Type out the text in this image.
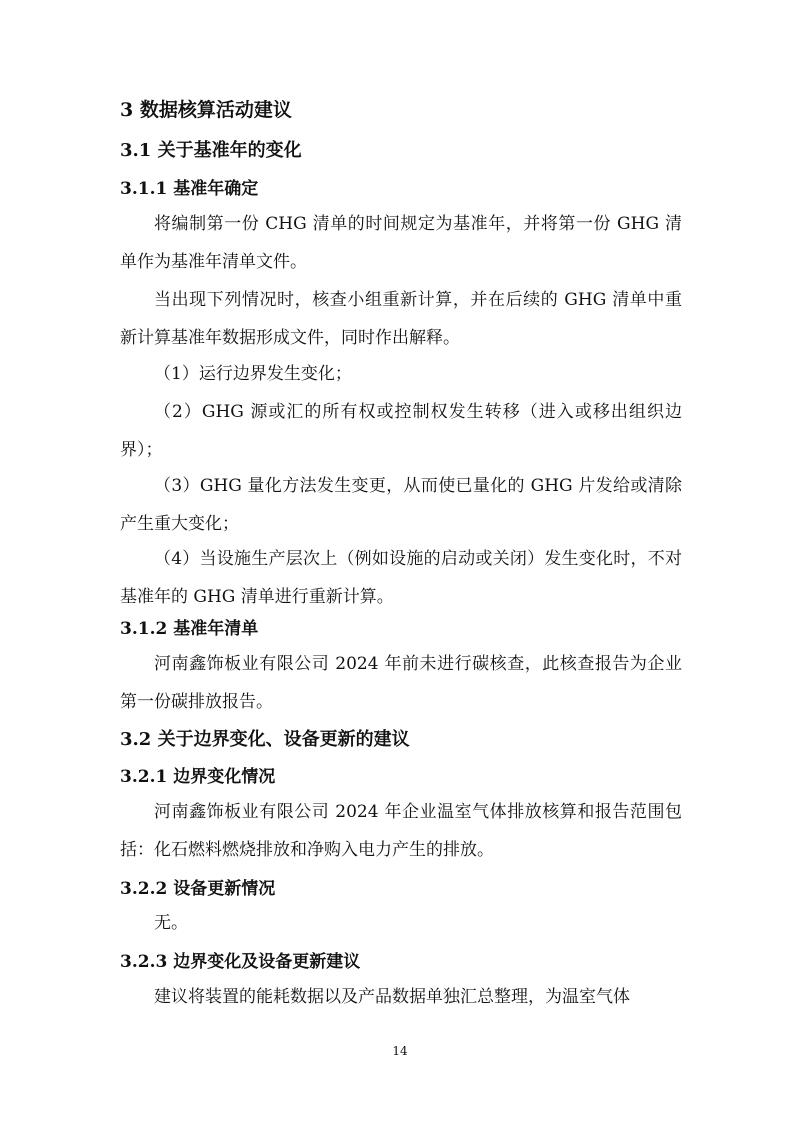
3 数据核算活动建议
3.1 关于基准年的变化
3.1.1 基准年确定

将编制第一份 CHG 清单的时间规定为基准年，并将第一份 GHG 清单作为基准年清单文件。

当出现下列情况时，核查小组重新计算，并在后续的 GHG 清单中重新计算基准年数据形成文件，同时作出解释。

（1）运行边界发生变化；

（2）GHG 源或汇的所有权或控制权发生转移（进入或移出组织边界）；

（3）GHG 量化方法发生变更，从而使已量化的 GHG 片发给或清除产生重大变化；

（4）当设施生产层次上（例如设施的启动或关闭）发生变化时，不对基准年的 GHG 清单进行重新计算。

3.1.2 基准年清单

河南鑫饰板业有限公司 2024 年前未进行碳核查，此核查报告为企业第一份碳排放报告。

3.2 关于边界变化、设备更新的建议
3.2.1 边界变化情况

河南鑫饰板业有限公司 2024 年企业温室气体排放核算和报告范围包括：化石燃料燃烧排放和净购入电力产生的排放。

3.2.2 设备更新情况

无。

3.2.3 边界变化及设备更新建议

建议将装置的能耗数据以及产品数据单独汇总整理，为温室气体

14
